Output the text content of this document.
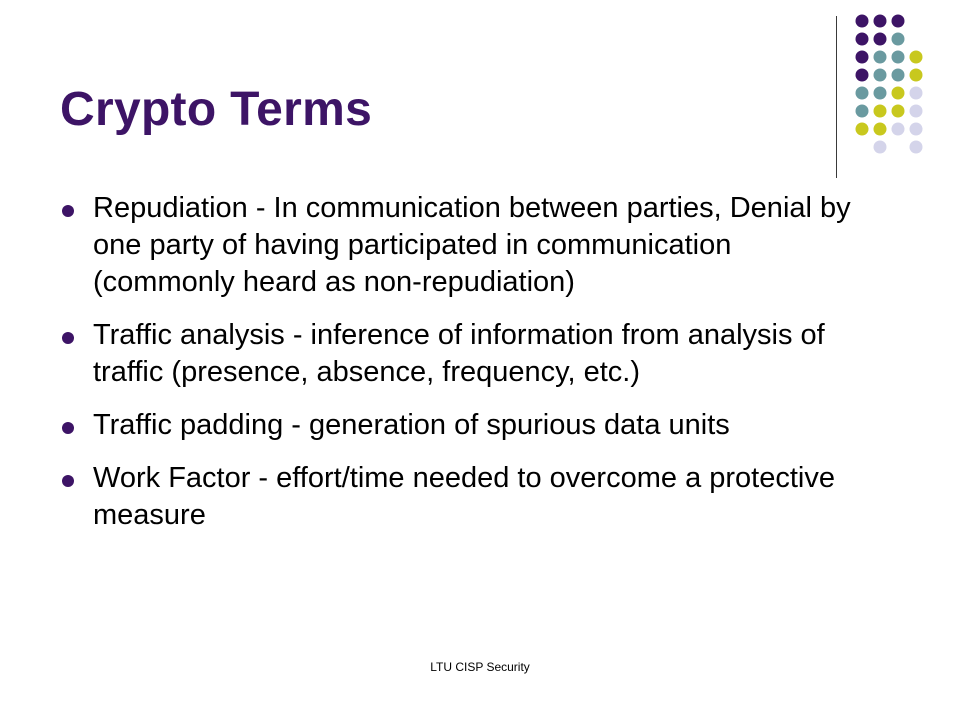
Crypto Terms
Repudiation - In communication between parties, Denial by one party of having participated in communication (commonly heard as non-repudiation)
Traffic analysis - inference of information from analysis of traffic (presence, absence, frequency, etc.)
Traffic padding - generation of spurious data units
Work Factor - effort/time needed to overcome a protective measure
LTU CISP Security
